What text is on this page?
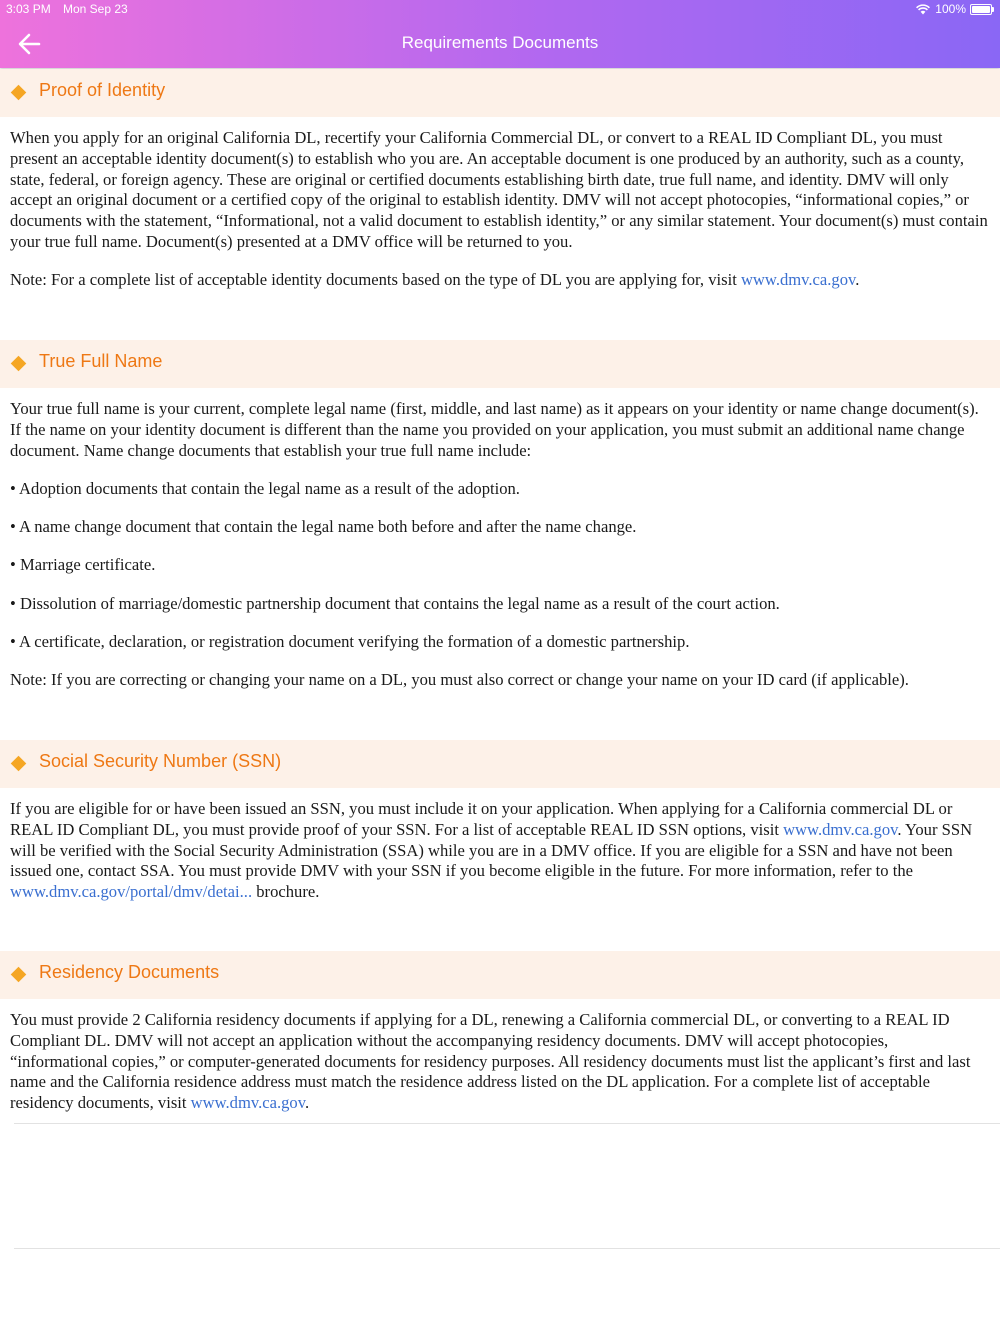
3:03 PM Mon Sep 23	100%
Requirements Documents
Proof of Identity

When you apply for an original California DL, recertify your California Commercial DL, or convert to a REAL ID Compliant DL, you must present an acceptable identity document(s) to establish who you are. An acceptable document is one produced by an authority, such as a county, state, federal, or foreign agency. These are original or certified documents establishing birth date, true full name, and identity. DMV will only accept an original document or a certified copy of the original to establish identity. DMV will not accept photocopies, “informational copies,” or documents with the statement, “Informational, not a valid document to establish identity,” or any similar statement. Your document(s) must contain your true full name. Document(s) presented at a DMV office will be returned to you.

Note: For a complete list of acceptable identity documents based on the type of DL you are applying for, visit www.dmv.ca.gov.

True Full Name

Your true full name is your current, complete legal name (first, middle, and last name) as it appears on your identity or name change document(s). If the name on your identity document is different than the name you provided on your application, you must submit an additional name change document. Name change documents that establish your true full name include:

• Adoption documents that contain the legal name as a result of the adoption.

• A name change document that contain the legal name both before and after the name change.

• Marriage certificate.

• Dissolution of marriage/domestic partnership document that contains the legal name as a result of the court action.

• A certificate, declaration, or registration document verifying the formation of a domestic partnership.

Note: If you are correcting or changing your name on a DL, you must also correct or change your name on your ID card (if applicable).

Social Security Number (SSN)

If you are eligible for or have been issued an SSN, you must include it on your application. When applying for a California commercial DL or REAL ID Compliant DL, you must provide proof of your SSN. For a list of acceptable REAL ID SSN options, visit www.dmv.ca.gov. Your SSN will be verified with the Social Security Administration (SSA) while you are in a DMV office. If you are eligible for a SSN and have not been issued one, contact SSA. You must provide DMV with your SSN if you become eligible in the future. For more information, refer to the www.dmv.ca.gov/portal/dmv/detai... brochure.

Residency Documents

You must provide 2 California residency documents if applying for a DL, renewing a California commercial DL, or converting to a REAL ID Compliant DL. DMV will not accept an application without the accompanying residency documents. DMV will accept photocopies, “informational copies,” or computer-generated documents for residency purposes. All residency documents must list the applicant’s first and last name and the California residence address must match the residence address listed on the DL application. For a complete list of acceptable residency documents, visit www.dmv.ca.gov.
